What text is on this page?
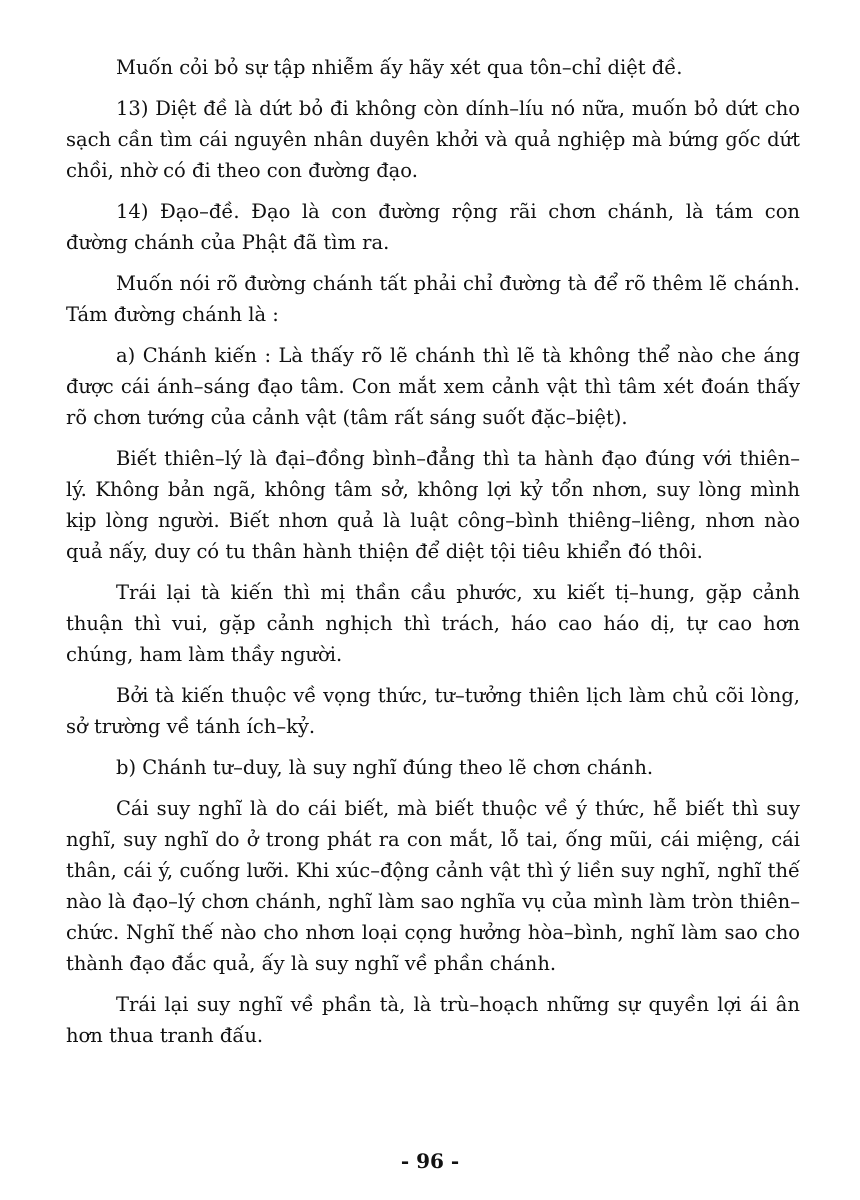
Muốn cỏi bỏ sự tập nhiễm ấy hãy xét qua tôn–chỉ diệt đề.

13) Diệt đề là dứt bỏ đi không còn dính–líu nó nữa, muốn bỏ dứt cho sạch cần tìm cái nguyên nhân duyên khởi và quả nghiệp mà bứng gốc dứt chồi, nhờ có đi theo con đường đạo.

14) Đạo–đề. Đạo là con đường rộng rãi chơn chánh, là tám con đường chánh của Phật đã tìm ra.

Muốn nói rõ đường chánh tất phải chỉ đường tà để rõ thêm lẽ chánh. Tám đường chánh là :

a) Chánh kiến : Là thấy rõ lẽ chánh thì lẽ tà không thể nào che áng được cái ánh–sáng đạo tâm. Con mắt xem cảnh vật thì tâm xét đoán thấy rõ chơn tướng của cảnh vật (tâm rất sáng suốt đặc–biệt).

Biết thiên–lý là đại–đồng bình–đẳng thì ta hành đạo đúng với thiên–lý. Không bản ngã, không tâm sở, không lợi kỷ tổn nhơn, suy lòng mình kịp lòng người. Biết nhơn quả là luật công–bình thiêng–liêng, nhơn nào quả nấy, duy có tu thân hành thiện để diệt tội tiêu khiển đó thôi.

Trái lại tà kiến thì mị thần cầu phước, xu kiết tị–hung, gặp cảnh thuận thì vui, gặp cảnh nghịch thì trách, háo cao háo dị, tự cao hơn chúng, ham làm thầy người.

Bởi tà kiến thuộc về vọng thức, tư–tưởng thiên lịch làm chủ cõi lòng, sở trường về tánh ích–kỷ.

b) Chánh tư–duy, là suy nghĩ đúng theo lẽ chơn chánh.

Cái suy nghĩ là do cái biết, mà biết thuộc về ý thức, hễ biết thì suy nghĩ, suy nghĩ do ở trong phát ra con mắt, lỗ tai, ống mũi, cái miệng, cái thân, cái ý, cuống lưỡi. Khi xúc–động cảnh vật thì ý liền suy nghĩ, nghĩ thế nào là đạo–lý chơn chánh, nghĩ làm sao nghĩa vụ của mình làm tròn thiên–chức. Nghĩ thế nào cho nhơn loại cọng hưởng hòa–bình, nghĩ làm sao cho thành đạo đắc quả, ấy là suy nghĩ về phần chánh.

Trái lại suy nghĩ về phần tà, là trù–hoạch những sự quyền lợi ái ân hơn thua tranh đấu.

- 96 -
